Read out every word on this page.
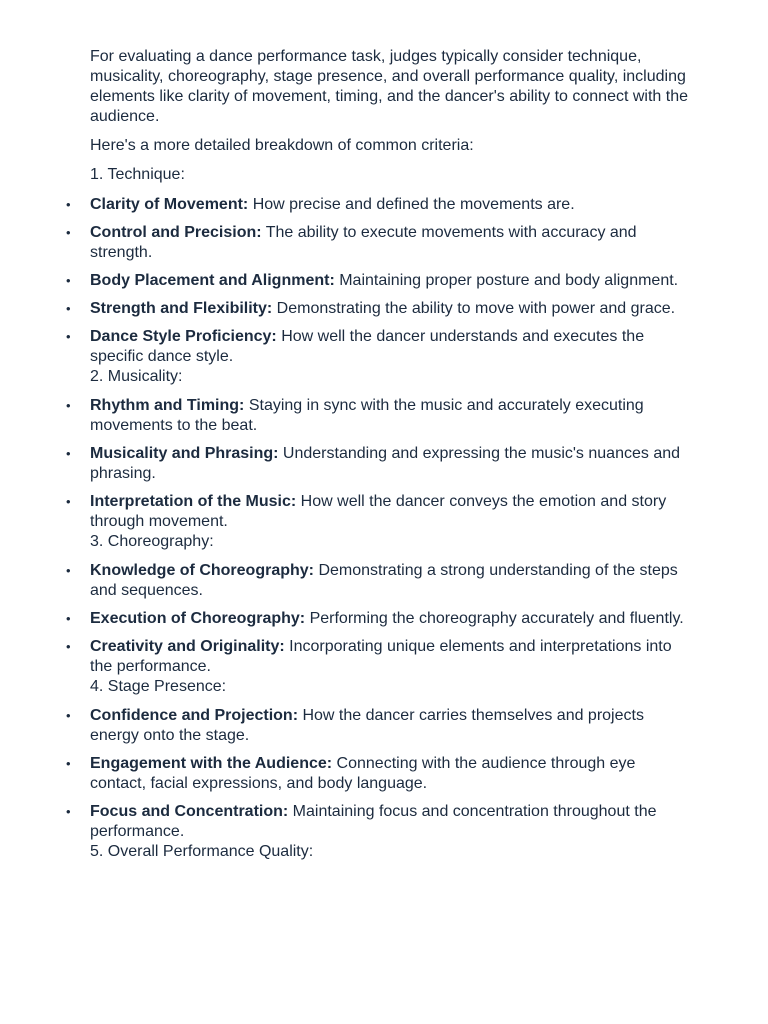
For evaluating a dance performance task, judges typically consider technique, musicality, choreography, stage presence, and overall performance quality, including elements like clarity of movement, timing, and the dancer's ability to connect with the audience.

Here's a more detailed breakdown of common criteria:

1. Technique:
• Clarity of Movement: How precise and defined the movements are.
• Control and Precision: The ability to execute movements with accuracy and strength.
• Body Placement and Alignment: Maintaining proper posture and body alignment.
• Strength and Flexibility: Demonstrating the ability to move with power and grace.
• Dance Style Proficiency: How well the dancer understands and executes the specific dance style.
2. Musicality:
• Rhythm and Timing: Staying in sync with the music and accurately executing movements to the beat.
• Musicality and Phrasing: Understanding and expressing the music's nuances and phrasing.
• Interpretation of the Music: How well the dancer conveys the emotion and story through movement.
3. Choreography:
• Knowledge of Choreography: Demonstrating a strong understanding of the steps and sequences.
• Execution of Choreography: Performing the choreography accurately and fluently.
• Creativity and Originality: Incorporating unique elements and interpretations into the performance.
4. Stage Presence:
• Confidence and Projection: How the dancer carries themselves and projects energy onto the stage.
• Engagement with the Audience: Connecting with the audience through eye contact, facial expressions, and body language.
• Focus and Concentration: Maintaining focus and concentration throughout the performance.
5. Overall Performance Quality:
